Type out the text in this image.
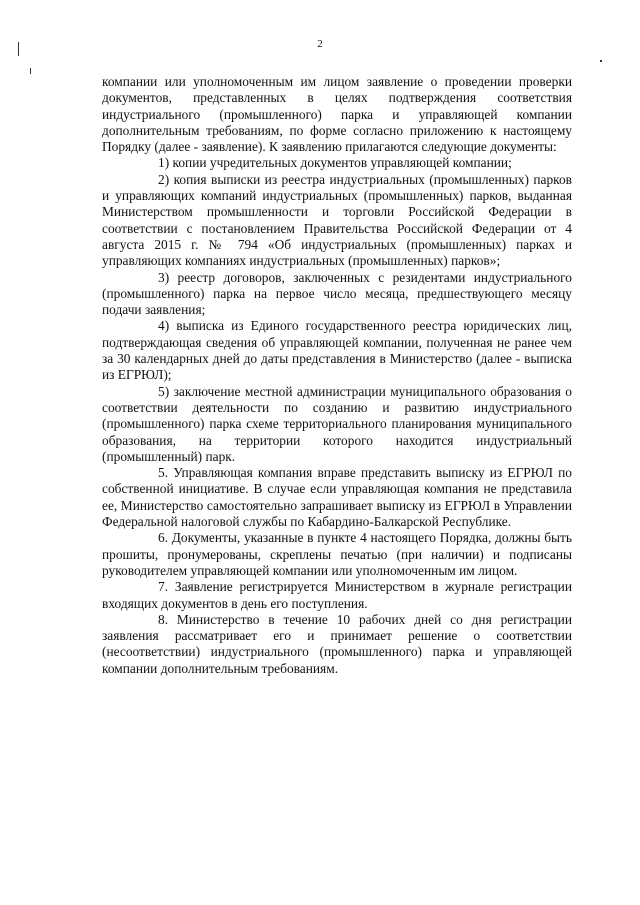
2

компании или уполномоченным им лицом заявление о проведении проверки документов, представленных в целях подтверждения соответствия индустриального (промышленного) парка и управляющей компании дополнительным требованиям, по форме согласно приложению к настоящему Порядку (далее - заявление). К заявлению прилагаются следующие документы:

1) копии учредительных документов управляющей компании;

2) копия выписки из реестра индустриальных (промышленных) парков и управляющих компаний индустриальных (промышленных) парков, выданная Министерством промышленности и торговли Российской Федерации в соответствии с постановлением Правительства Российской Федерации от 4 августа 2015 г. № 794 «Об индустриальных (промышленных) парках и управляющих компаниях индустриальных (промышленных) парков»;

3) реестр договоров, заключенных с резидентами индустриального (промышленного) парка на первое число месяца, предшествующего месяцу подачи заявления;

4) выписка из Единого государственного реестра юридических лиц, подтверждающая сведения об управляющей компании, полученная не ранее чем за 30 календарных дней до даты представления в Министерство (далее - выписка из ЕГРЮЛ);

5) заключение местной администрации муниципального образования о соответствии деятельности по созданию и развитию индустриального (промышленного) парка схеме территориального планирования муниципального образования, на территории которого находится индустриальный (промышленный) парк.

5. Управляющая компания вправе представить выписку из ЕГРЮЛ по собственной инициативе. В случае если управляющая компания не представила ее, Министерство самостоятельно запрашивает выписку из ЕГРЮЛ в Управлении Федеральной налоговой службы по Кабардино-Балкарской Республике.

6. Документы, указанные в пункте 4 настоящего Порядка, должны быть прошиты, пронумерованы, скреплены печатью (при наличии) и подписаны руководителем управляющей компании или уполномоченным им лицом.

7. Заявление регистрируется Министерством в журнале регистрации входящих документов в день его поступления.

8. Министерство в течение 10 рабочих дней со дня регистрации заявления рассматривает его и принимает решение о соответствии (несоответствии) индустриального (промышленного) парка и управляющей компании дополнительным требованиям.
